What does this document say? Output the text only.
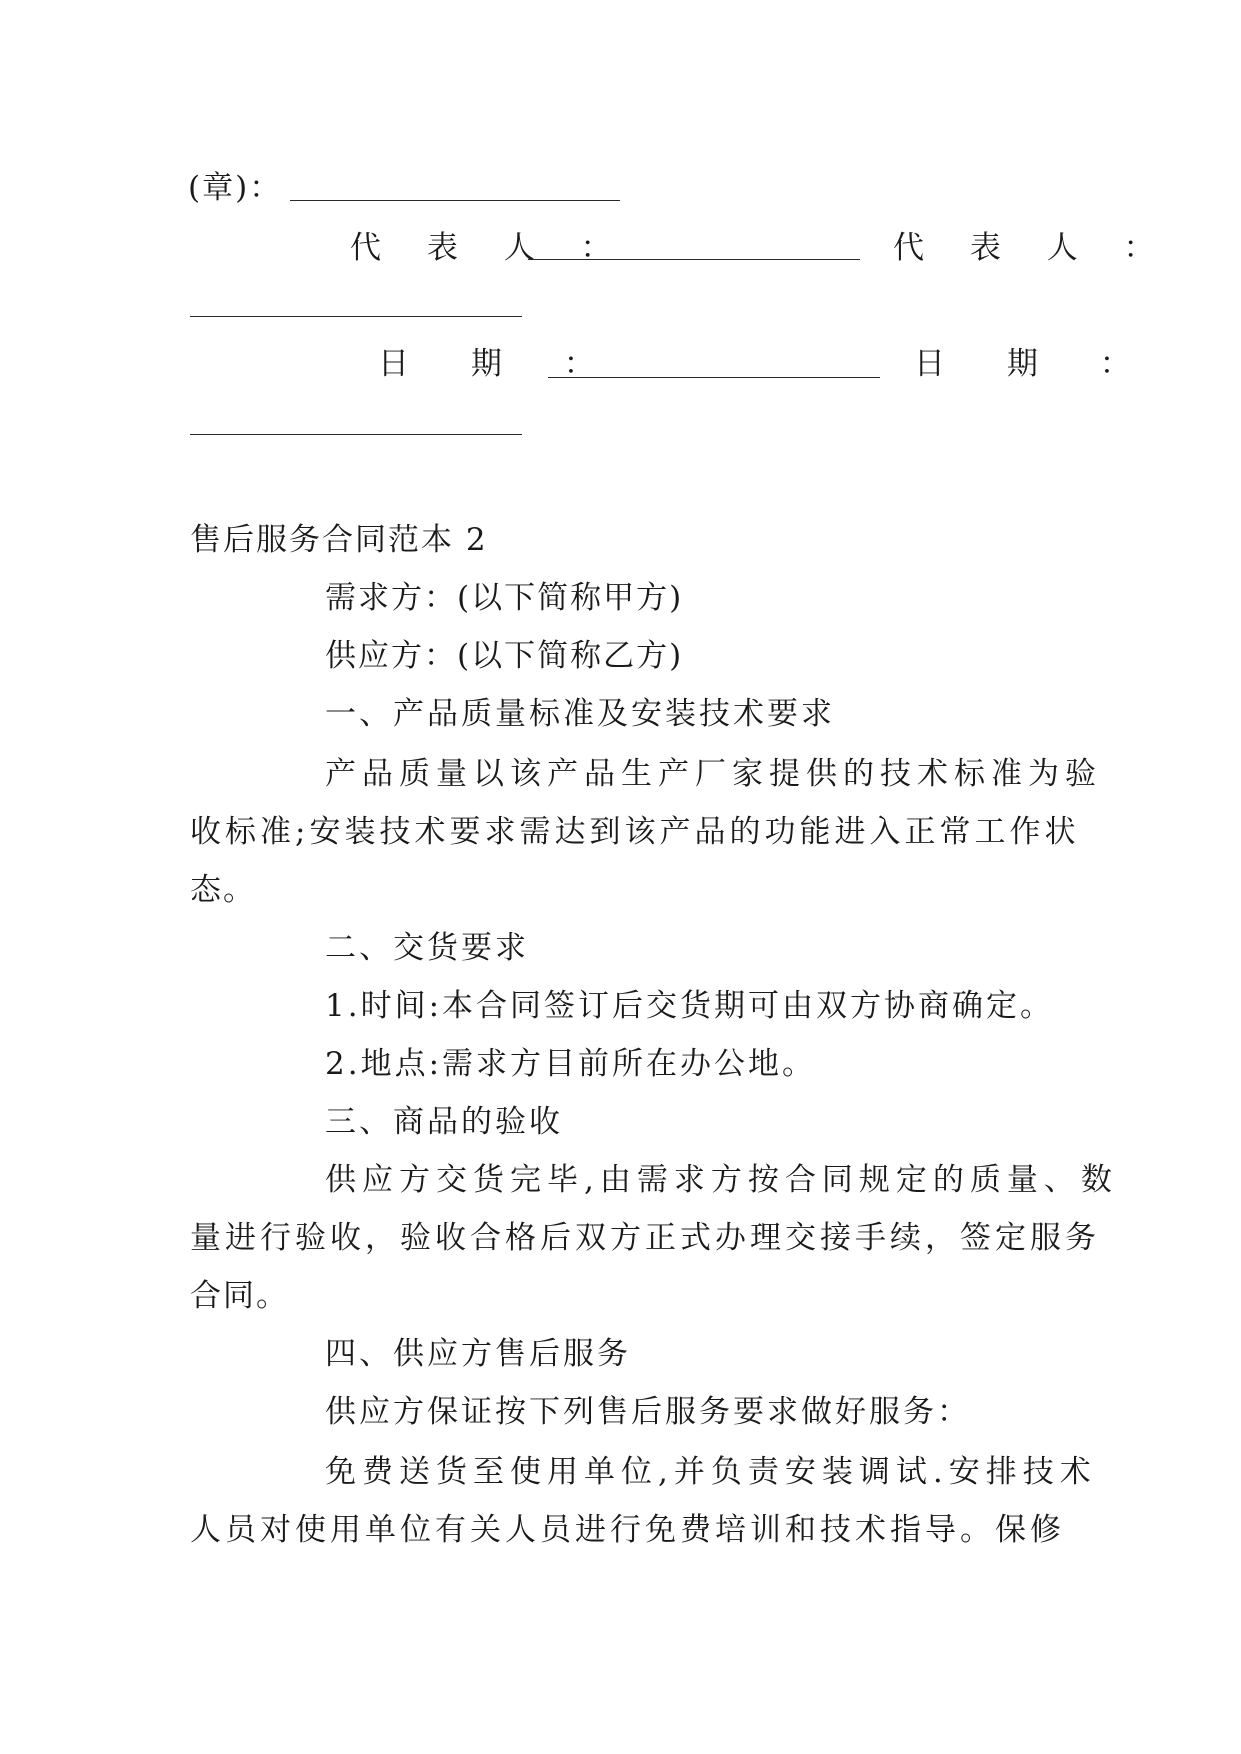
(章)：
代 表 人 ：	代 表 人 ：
日 期 ：	日 期 ：
售后服务合同范本 2
需求方：(以下简称甲方)
供应方：(以下简称乙方)
一、产品质量标准及安装技术要求
产品质量以该产品生产厂家提供的技术标准为验
收标准;安装技术要求需达到该产品的功能进入正常工作状
态。
二、交货要求
1.时间:本合同签订后交货期可由双方协商确定。
2.地点:需求方目前所在办公地。
三、商品的验收
供应方交货完毕,由需求方按合同规定的质量、数
量进行验收，验收合格后双方正式办理交接手续，签定服务
合同。
四、供应方售后服务
供应方保证按下列售后服务要求做好服务：
免费送货至使用单位,并负责安装调试.安排技术
人员对使用单位有关人员进行免费培训和技术指导。保修
